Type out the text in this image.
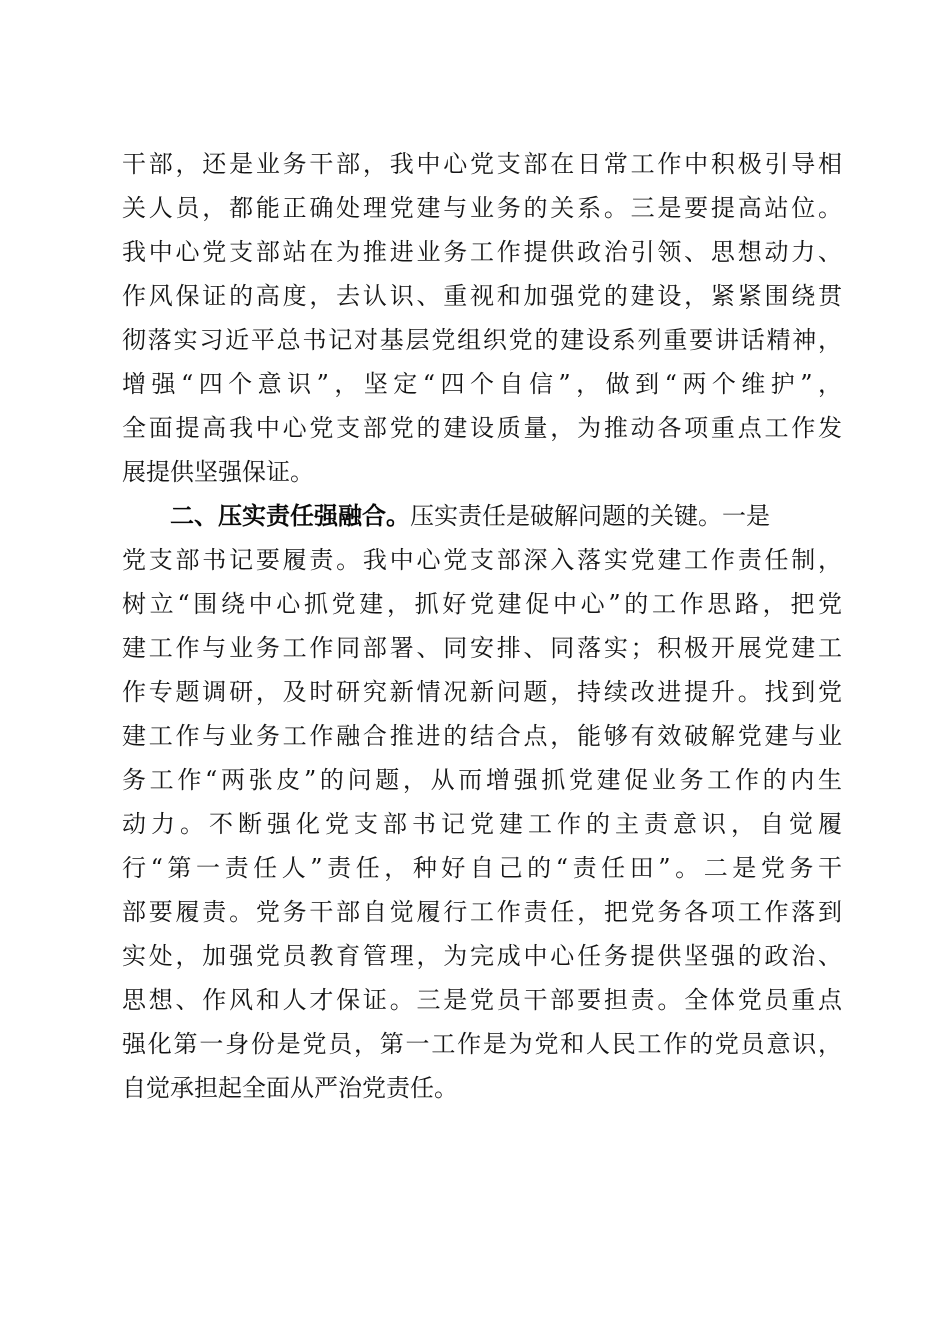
干部，还是业务干部，我中心党支部在日常工作中积极引导相
关人员，都能正确处理党建与业务的关系。三是要提高站位。
我中心党支部站在为推进业务工作提供政治引领、思想动力、
作风保证的高度，去认识、重视和加强党的建设，紧紧围绕贯
彻落实习近平总书记对基层党组织党的建设系列重要讲话精神，
增强“四个意识”，坚定“四个自信”，做到“两个维护”，
全面提高我中心党支部党的建设质量，为推动各项重点工作发
展提供坚强保证。
二、压实责任强融合。压实责任是破解问题的关键。一是
党支部书记要履责。我中心党支部深入落实党建工作责任制，
树立“围绕中心抓党建，抓好党建促中心”的工作思路，把党
建工作与业务工作同部署、同安排、同落实；积极开展党建工
作专题调研，及时研究新情况新问题，持续改进提升。找到党
建工作与业务工作融合推进的结合点，能够有效破解党建与业
务工作“两张皮”的问题，从而增强抓党建促业务工作的内生
动力。不断强化党支部书记党建工作的主责意识，自觉履
行“第一责任人”责任，种好自己的“责任田”。二是党务干
部要履责。党务干部自觉履行工作责任，把党务各项工作落到
实处，加强党员教育管理，为完成中心任务提供坚强的政治、
思想、作风和人才保证。三是党员干部要担责。全体党员重点
强化第一身份是党员，第一工作是为党和人民工作的党员意识，
自觉承担起全面从严治党责任。
